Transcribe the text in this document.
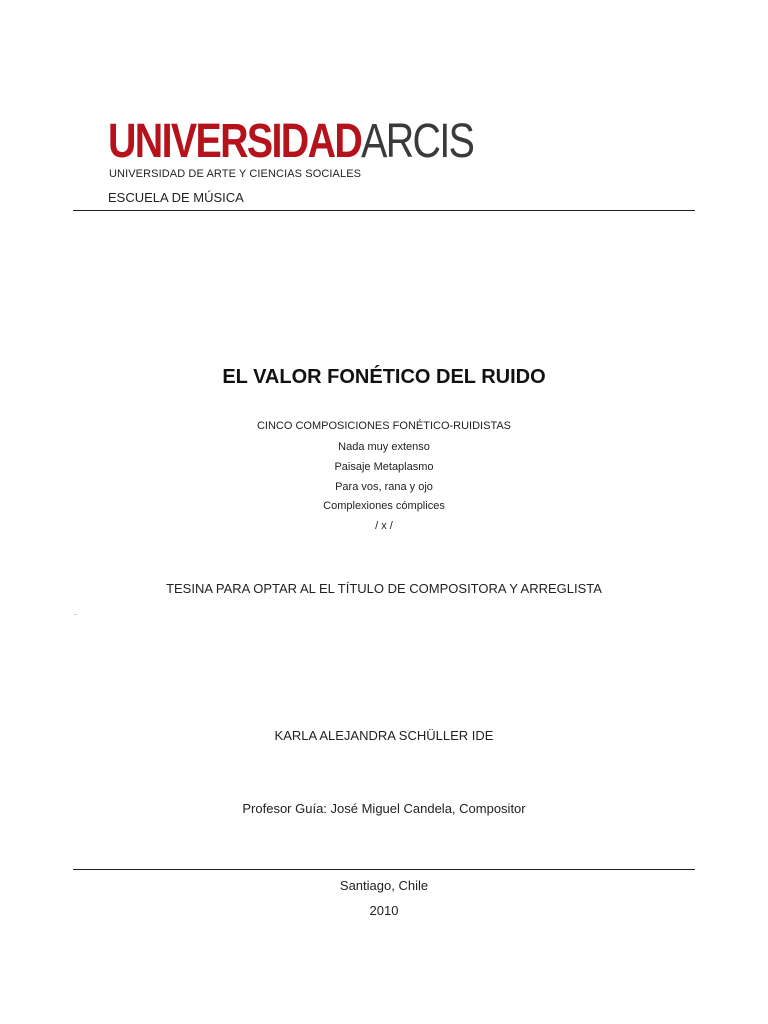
UNIVERSIDADARCIS
UNIVERSIDAD DE ARTE Y CIENCIAS SOCIALES
ESCUELA DE MÚSICA
EL VALOR FONÉTICO DEL RUIDO
CINCO COMPOSICIONES FONÉTICO-RUIDISTAS
Nada muy extenso
Paisaje Metaplasmo
Para vos, rana y ojo
Complexiones cómplices
/ x /
TESINA PARA OPTAR AL EL TÍTULO DE COMPOSITORA Y ARREGLISTA
.
KARLA ALEJANDRA SCHÜLLER IDE
Profesor Guía: José Miguel Candela, Compositor
Santiago, Chile
2010
